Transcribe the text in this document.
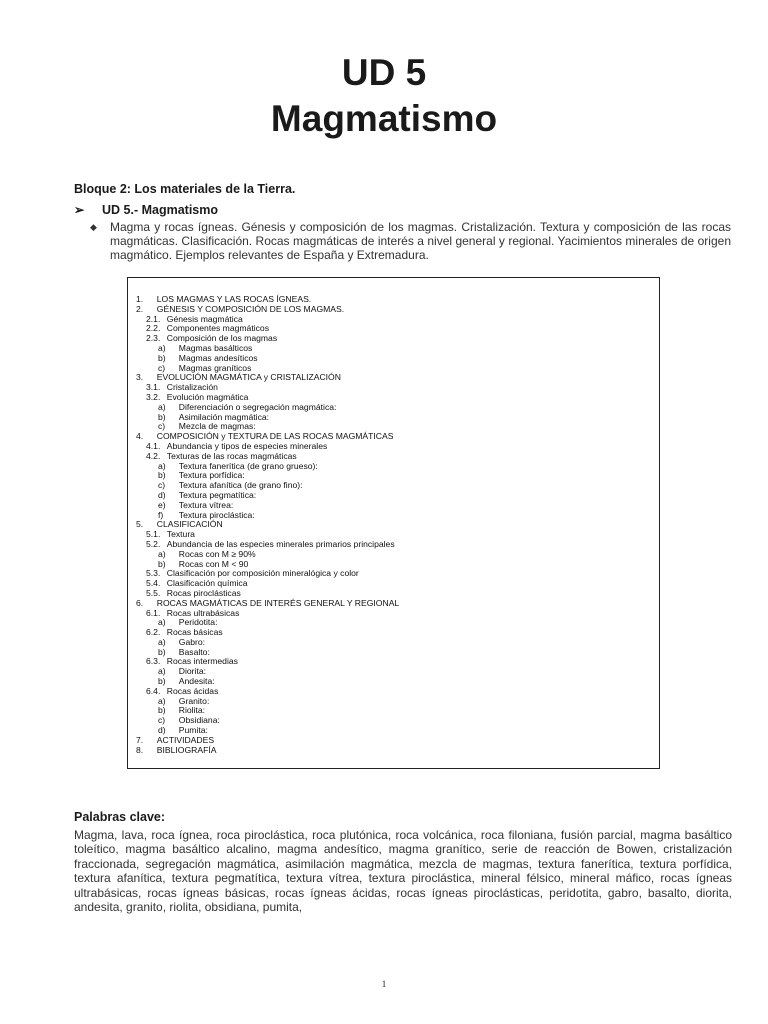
UD 5
Magmatismo
Bloque 2: Los materiales de la Tierra.
➢ UD 5.- Magmatismo
◆ Magma y rocas ígneas. Génesis y composición de los magmas. Cristalización. Textura y composición de las rocas magmáticas. Clasificación. Rocas magmáticas de interés a nivel general y regional. Yacimientos minerales de origen magmático. Ejemplos relevantes de España y Extremadura.
1. LOS MAGMAS Y LAS ROCAS ÍGNEAS.
2. GÉNESIS Y COMPOSICIÓN DE LOS MAGMAS.
2.1. Génesis magmática
2.2. Componentes magmáticos
2.3. Composición de los magmas
a) Magmas basálticos
b) Magmas andesíticos
c) Magmas graníticos
3. EVOLUCIÓN MAGMÁTICA y CRISTALIZACIÓN
3.1. Cristalización
3.2. Evolución magmática
a) Diferenciación o segregación magmática:
b) Asimilación magmática:
c) Mezcla de magmas:
4. COMPOSICIÓN y TEXTURA DE LAS ROCAS MAGMÁTICAS
4.1. Abundancia y tipos de especies minerales
4.2. Texturas de las rocas magmáticas
a) Textura fanerítica (de grano grueso):
b) Textura porfídica:
c) Textura afanítica (de grano fino):
d) Textura pegmatítica:
e) Textura vítrea:
f) Textura piroclástica:
5. CLASIFICACIÓN
5.1. Textura
5.2. Abundancia de las especies minerales primarios principales
a) Rocas con M ≥ 90%
b) Rocas con M < 90
5.3. Clasificación por composición mineralógica y color
5.4. Clasificación química
5.5. Rocas piroclásticas
6. ROCAS MAGMÁTICAS DE INTERÉS GENERAL Y REGIONAL
6.1. Rocas ultrabásicas
a) Peridotita:
6.2. Rocas básicas
a) Gabro:
b) Basalto:
6.3. Rocas intermedias
a) Diorita:
b) Andesita:
6.4. Rocas ácidas
a) Granito:
b) Riolita:
c) Obsidiana:
d) Pumita:
7. ACTIVIDADES
8. BIBLIOGRAFÍA
Palabras clave:
Magma, lava, roca ígnea, roca piroclástica, roca plutónica, roca volcánica, roca filoniana, fusión parcial, magma basáltico toleítico, magma basáltico alcalino, magma andesítico, magma granítico, serie de reacción de Bowen, cristalización fraccionada, segregación magmática, asimilación magmática, mezcla de magmas, textura fanerítica, textura porfídica, textura afanítica, textura pegmatítica, textura vítrea, textura piroclástica, mineral félsico, mineral máfico, rocas ígneas ultrabásicas, rocas ígneas básicas, rocas ígneas ácidas, rocas ígneas piroclásticas, peridotita, gabro, basalto, diorita, andesita, granito, riolita, obsidiana, pumita,
1
